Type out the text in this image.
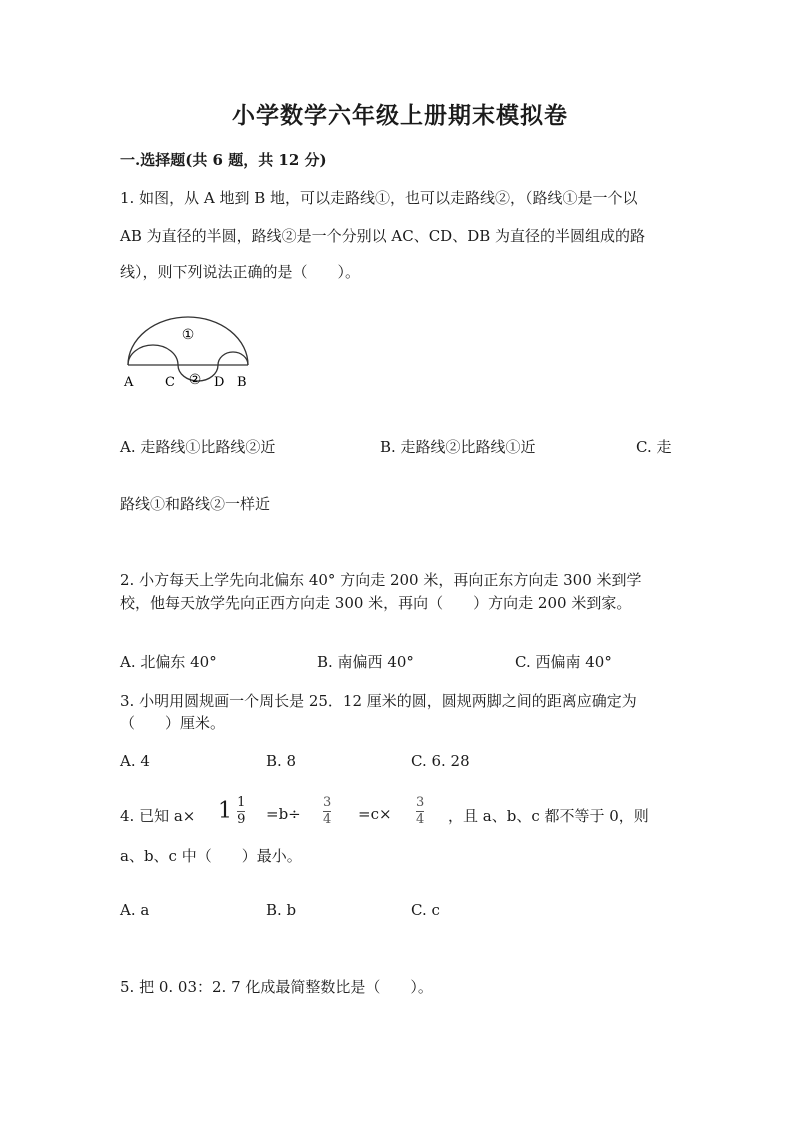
小学数学六年级上册期末模拟卷
一.选择题(共 6 题，共 12 分)
1. 如图，从 A 地到 B 地，可以走路线①，也可以走路线②，（路线①是一个以
AB 为直径的半圆，路线②是一个分别以 AC、CD、DB 为直径的半圆组成的路
线），则下列说法正确的是（　　）。
①
②
A C	D B
A. 走路线①比路线②近	B. 走路线②比路线①近	C. 走
路线①和路线②一样近
2. 小方每天上学先向北偏东 40° 方向走 200 米，再向正东方向走 300 米到学
校，他每天放学先向正西方向走 300 米，再向（　　）方向走 200 米到家。
A. 北偏东 40°	B. 南偏西 40°	C. 西偏南 40°
3. 小明用圆规画一个周长是 25．12 厘米的圆，圆规两脚之间的距离应确定为
（　　）厘米。
A. 4	B. 8	C. 6. 28
4. 已知 $a\times 1 \frac{1}{9} =b\div \frac{3}{4} =c\times \frac{3}{4}$ ，且 a、b、c 都不等于 0，则
a、b、c 中（　　）最小。
A. a	B. b	C. c
5. 把 0. 03：2. 7 化成最简整数比是（　　）。
